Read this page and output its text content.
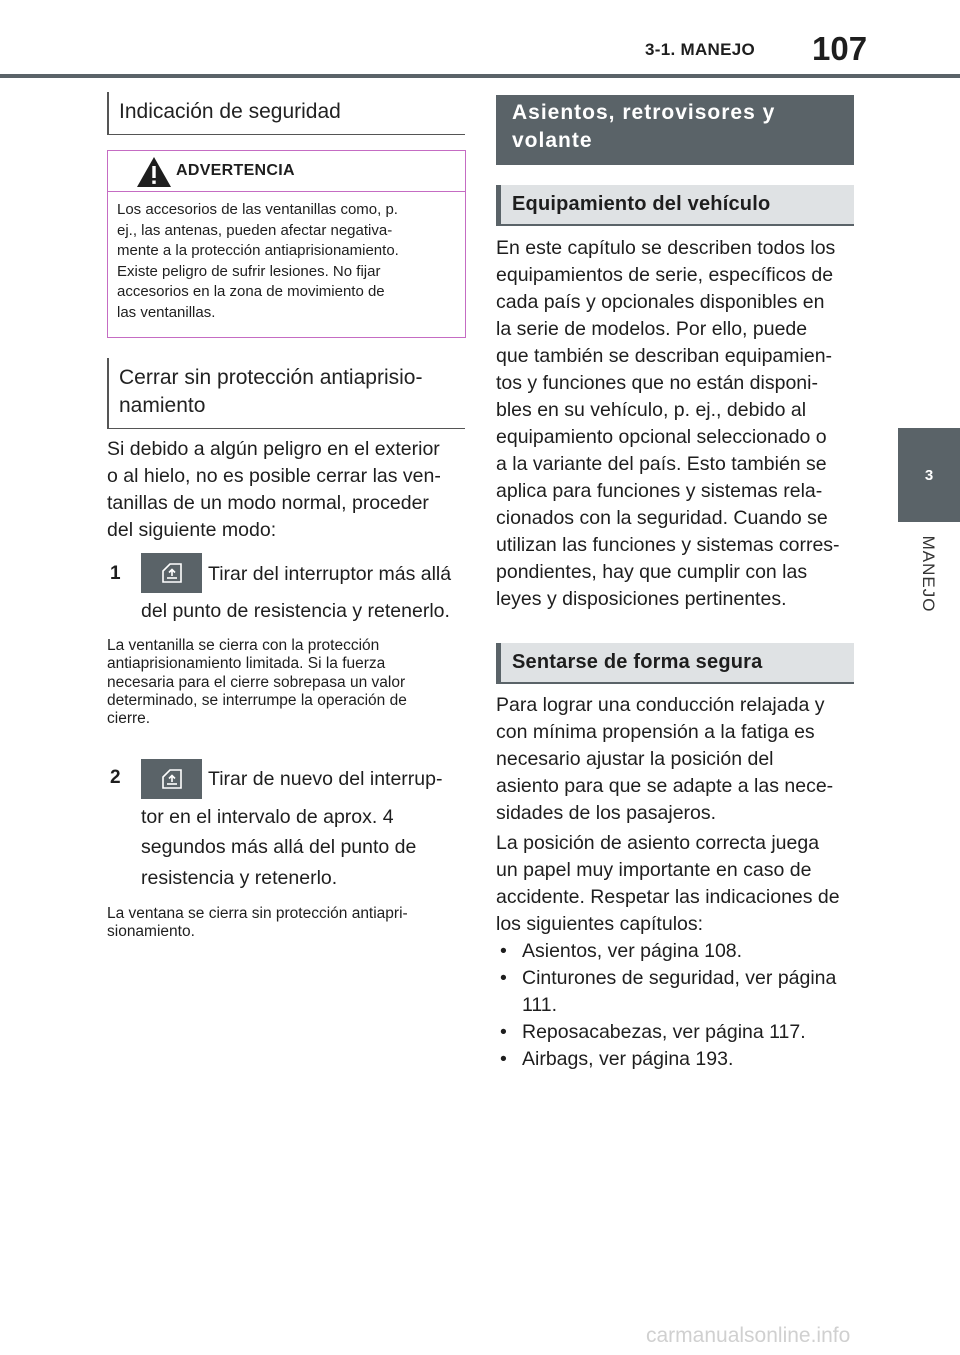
3-1. MANEJO 107
3
MANEJO
Indicación de seguridad
ADVERTENCIA
Los accesorios de las ventanillas como, p.
ej., las antenas, pueden afectar negativa-
mente a la protección antiaprisionamiento.
Existe peligro de sufrir lesiones. No fijar
accesorios en la zona de movimiento de
las ventanillas.
Cerrar sin protección antiaprisio-
namiento
Si debido a algún peligro en el exterior
o al hielo, no es posible cerrar las ven-
tanillas de un modo normal, proceder
del siguiente modo:
1	Tirar del interruptor más allá
del punto de resistencia y retenerlo.
La ventanilla se cierra con la protección
antiaprisionamiento limitada. Si la fuerza
necesaria para el cierre sobrepasa un valor
determinado, se interrumpe la operación de
cierre.
2	Tirar de nuevo del interrup-
tor en el intervalo de aprox. 4
segundos más allá del punto de
resistencia y retenerlo.
La ventana se cierra sin protección antiapri-
sionamiento.
Asientos, retrovisores y
volante
Equipamiento del vehículo
En este capítulo se describen todos los
equipamientos de serie, específicos de
cada país y opcionales disponibles en
la serie de modelos. Por ello, puede
que también se describan equipamien-
tos y funciones que no están disponi-
bles en su vehículo, p. ej., debido al
equipamiento opcional seleccionado o
a la variante del país. Esto también se
aplica para funciones y sistemas rela-
cionados con la seguridad. Cuando se
utilizan las funciones y sistemas corres-
pondientes, hay que cumplir con las
leyes y disposiciones pertinentes.
Sentarse de forma segura
Para lograr una conducción relajada y
con mínima propensión a la fatiga es
necesario ajustar la posición del
asiento para que se adapte a las nece-
sidades de los pasajeros.
La posición de asiento correcta juega
un papel muy importante en caso de
accidente. Respetar las indicaciones de
los siguientes capítulos:
• Asientos, ver página 108.
• Cinturones de seguridad, ver página
111.
• Reposacabezas, ver página 117.
• Airbags, ver página 193.
carmanualsonline.info
